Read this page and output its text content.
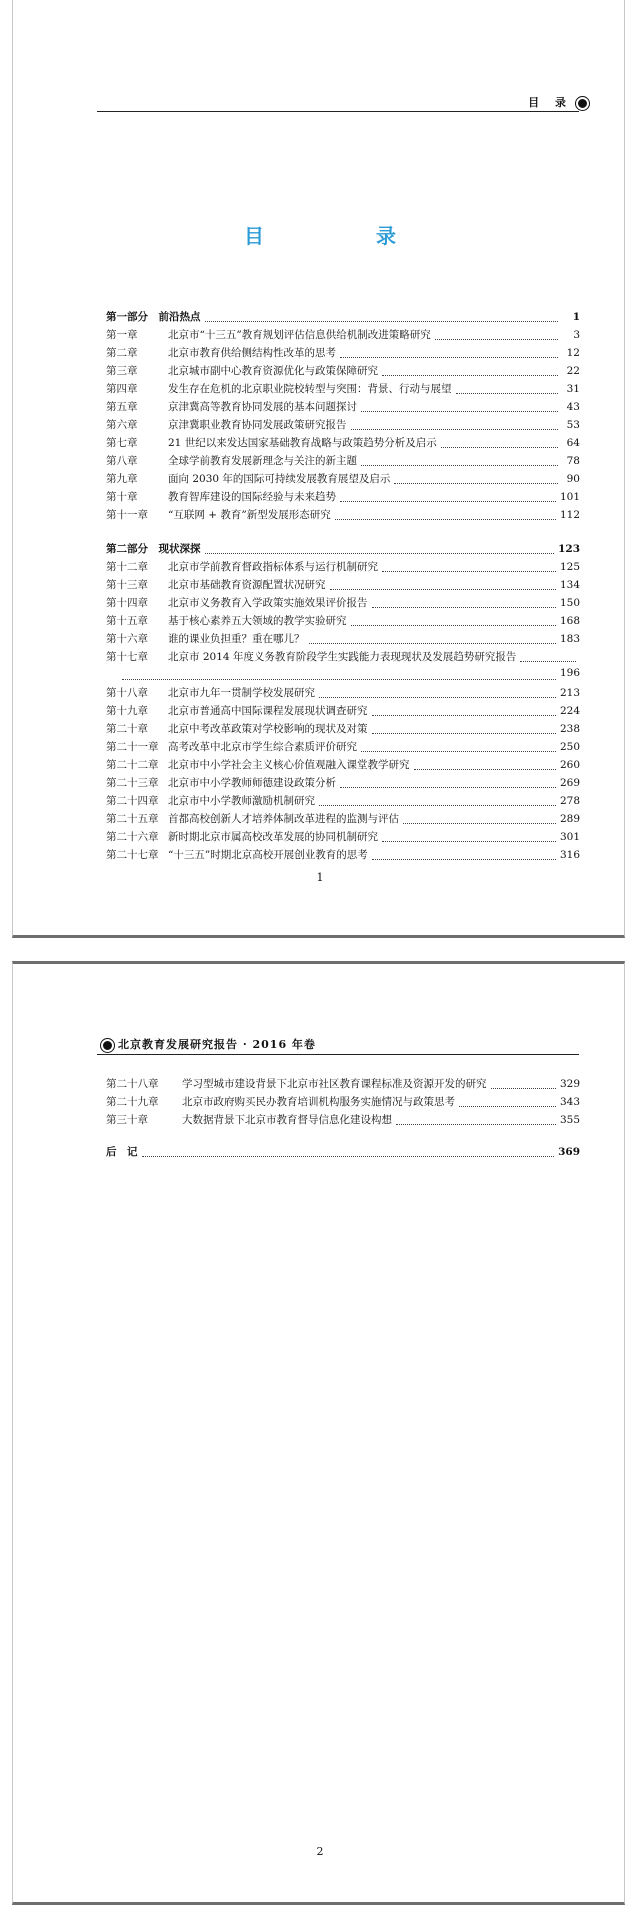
目 录
目　录
第一部分　前沿热点	1
第一章	北京市“十三五”教育规划评估信息供给机制改进策略研究	3
第二章	北京市教育供给侧结构性改革的思考	12
第三章	北京城市副中心教育资源优化与政策保障研究	22
第四章	发生存在危机的北京职业院校转型与突围：背景、行动与展望	31
第五章	京津冀高等教育协同发展的基本问题探讨	43
第六章	京津冀职业教育协同发展政策研究报告	53
第七章	21 世纪以来发达国家基础教育战略与政策趋势分析及启示	64
第八章	全球学前教育发展新理念与关注的新主题	78
第九章	面向 2030 年的国际可持续发展教育展望及启示	90
第十章	教育智库建设的国际经验与未来趋势	101
第十一章	“互联网 + 教育”新型发展形态研究	112
第二部分　现状深探	123
第十二章	北京市学前教育督政指标体系与运行机制研究	125
第十三章	北京市基础教育资源配置状况研究	134
第十四章	北京市义务教育入学政策实施效果评价报告	150
第十五章	基于核心素养五大领域的教学实验研究	168
第十六章	谁的课业负担重？重在哪儿？	183
第十七章	北京市 2014 年度义务教育阶段学生实践能力表现现状及发展趋势研究报告
196
第十八章	北京市九年一贯制学校发展研究	213
第十九章	北京市普通高中国际课程发展现状调查研究	224
第二十章	北京中考改革政策对学校影响的现状及对策	238
第二十一章 高考改革中北京市学生综合素质评价研究	250
第二十二章 北京市中小学社会主义核心价值观融入课堂教学研究	260
第二十三章 北京市中小学教师师德建设政策分析	269
第二十四章 北京市中小学教师激励机制研究	278
第二十五章 首都高校创新人才培养体制改革进程的监测与评估	289
第二十六章 新时期北京市属高校改革发展的协同机制研究	301
第二十七章 “十三五”时期北京高校开展创业教育的思考	316
1
北京教育发展研究报告 · 2016 年卷
第二十八章	学习型城市建设背景下北京市社区教育课程标准及资源开发的研究	329
第二十九章	北京市政府购买民办教育培训机构服务实施情况与政策思考	343
第三十章	大数据背景下北京市教育督导信息化建设构想	355
后　记	369
2
